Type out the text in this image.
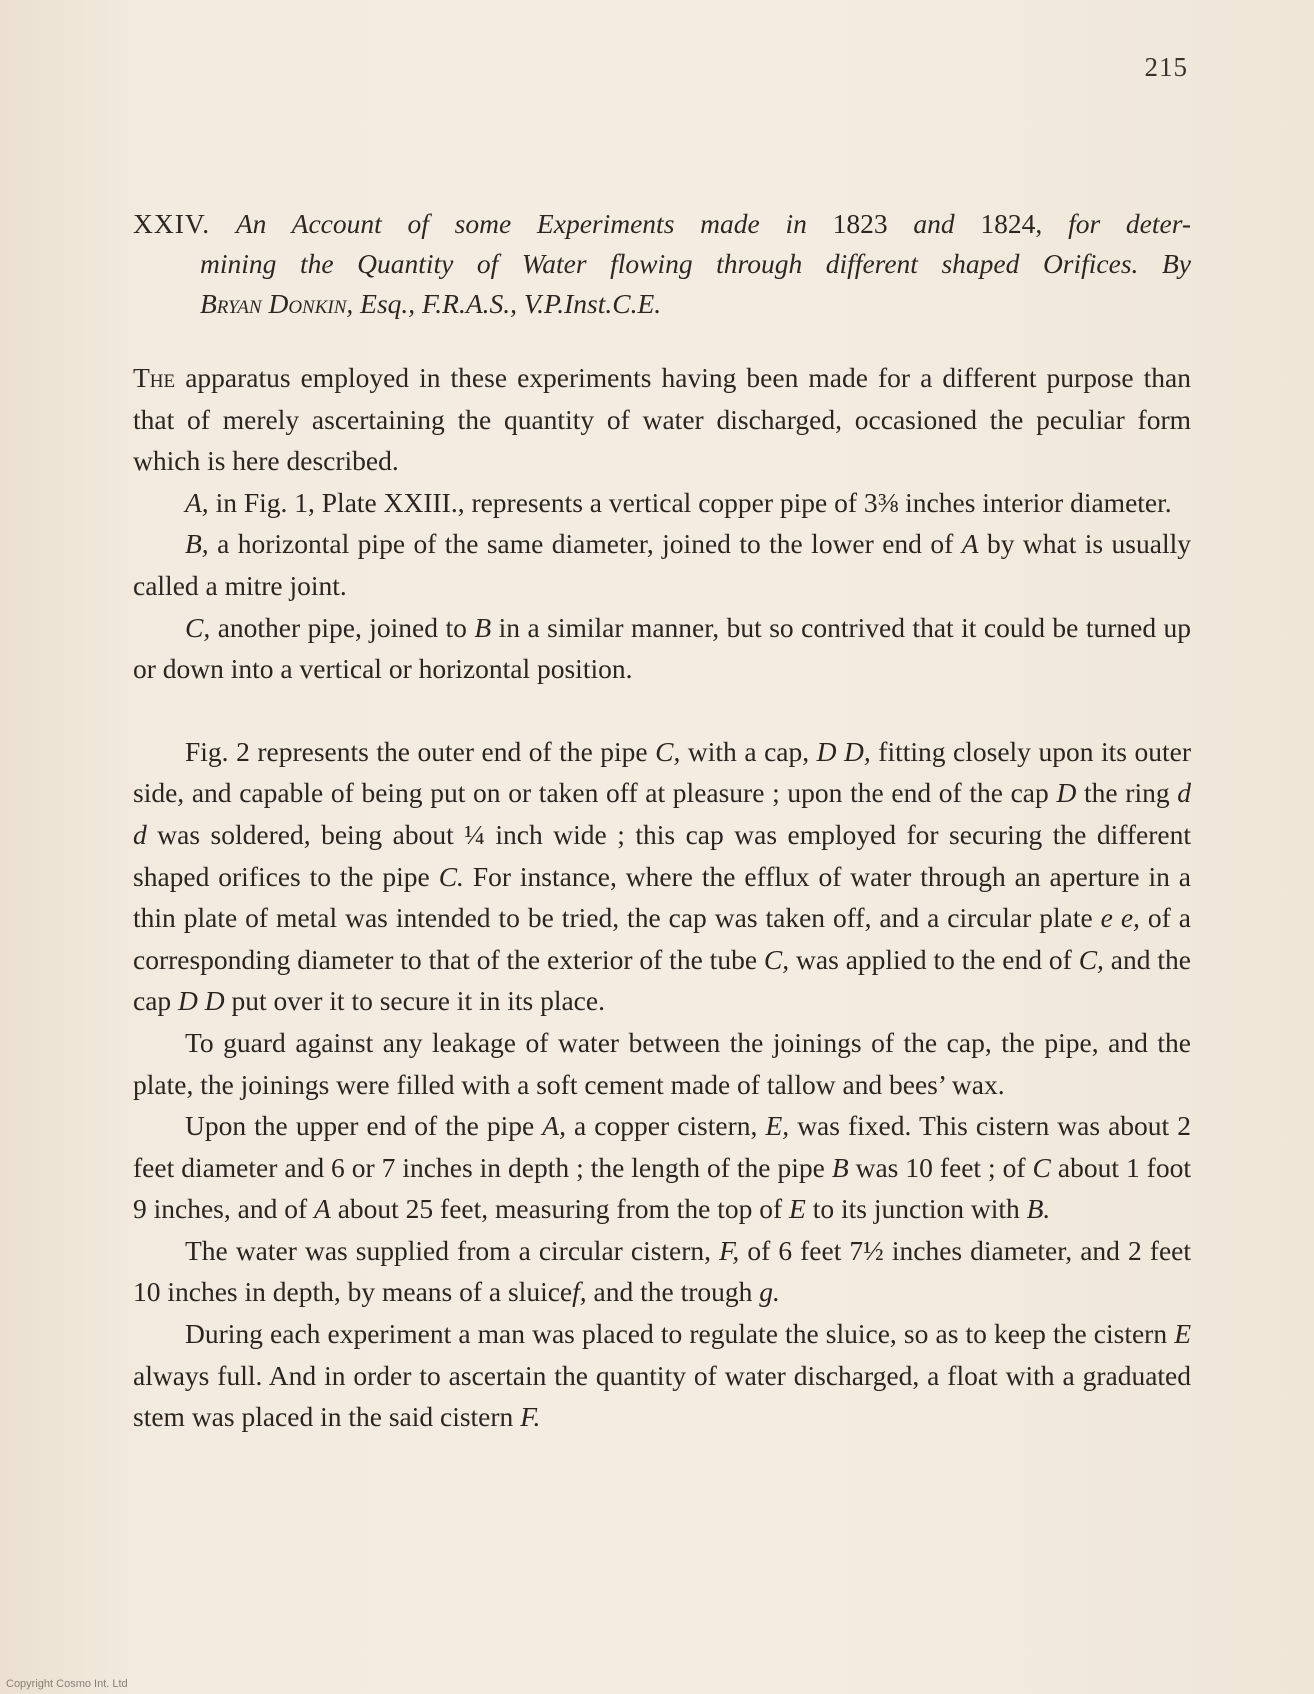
215
XXIV. An Account of some Experiments made in 1823 and 1824, for deter-
mining the Quantity of Water flowing through different shaped Orifices. By
Bryan Donkin, Esq., F.R.A.S., V.P.Inst.C.E.

The apparatus employed in these experiments having been made for a different purpose than that of merely ascertaining the quantity of water discharged, occasioned the peculiar form which is here described.

A, in Fig. 1, Plate XXIII., represents a vertical copper pipe of 3⅜ inches interior diameter.

B, a horizontal pipe of the same diameter, joined to the lower end of A by what is usually called a mitre joint.

C, another pipe, joined to B in a similar manner, but so contrived that it could be turned up or down into a vertical or horizontal position.

Fig. 2 represents the outer end of the pipe C, with a cap, D D, fitting closely upon its outer side, and capable of being put on or taken off at pleasure ; upon the end of the cap D the ring d d was soldered, being about ¼ inch wide ; this cap was employed for securing the different shaped orifices to the pipe C. For instance, where the efflux of water through an aperture in a thin plate of metal was intended to be tried, the cap was taken off, and a circular plate e e, of a corresponding diameter to that of the exterior of the tube C, was applied to the end of C, and the cap D D put over it to secure it in its place.

To guard against any leakage of water between the joinings of the cap, the pipe, and the plate, the joinings were filled with a soft cement made of tallow and bees’ wax.

Upon the upper end of the pipe A, a copper cistern, E, was fixed. This cistern was about 2 feet diameter and 6 or 7 inches in depth ; the length of the pipe B was 10 feet ; of C about 1 foot 9 inches, and of A about 25 feet, measuring from the top of E to its junction with B.

The water was supplied from a circular cistern, F, of 6 feet 7½ inches diameter, and 2 feet 10 inches in depth, by means of a sluicef, and the trough g.

During each experiment a man was placed to regulate the sluice, so as to keep the cistern E always full. And in order to ascertain the quantity of water discharged, a float with a graduated stem was placed in the said cistern F.

Copyright Cosmo Int. Ltd
